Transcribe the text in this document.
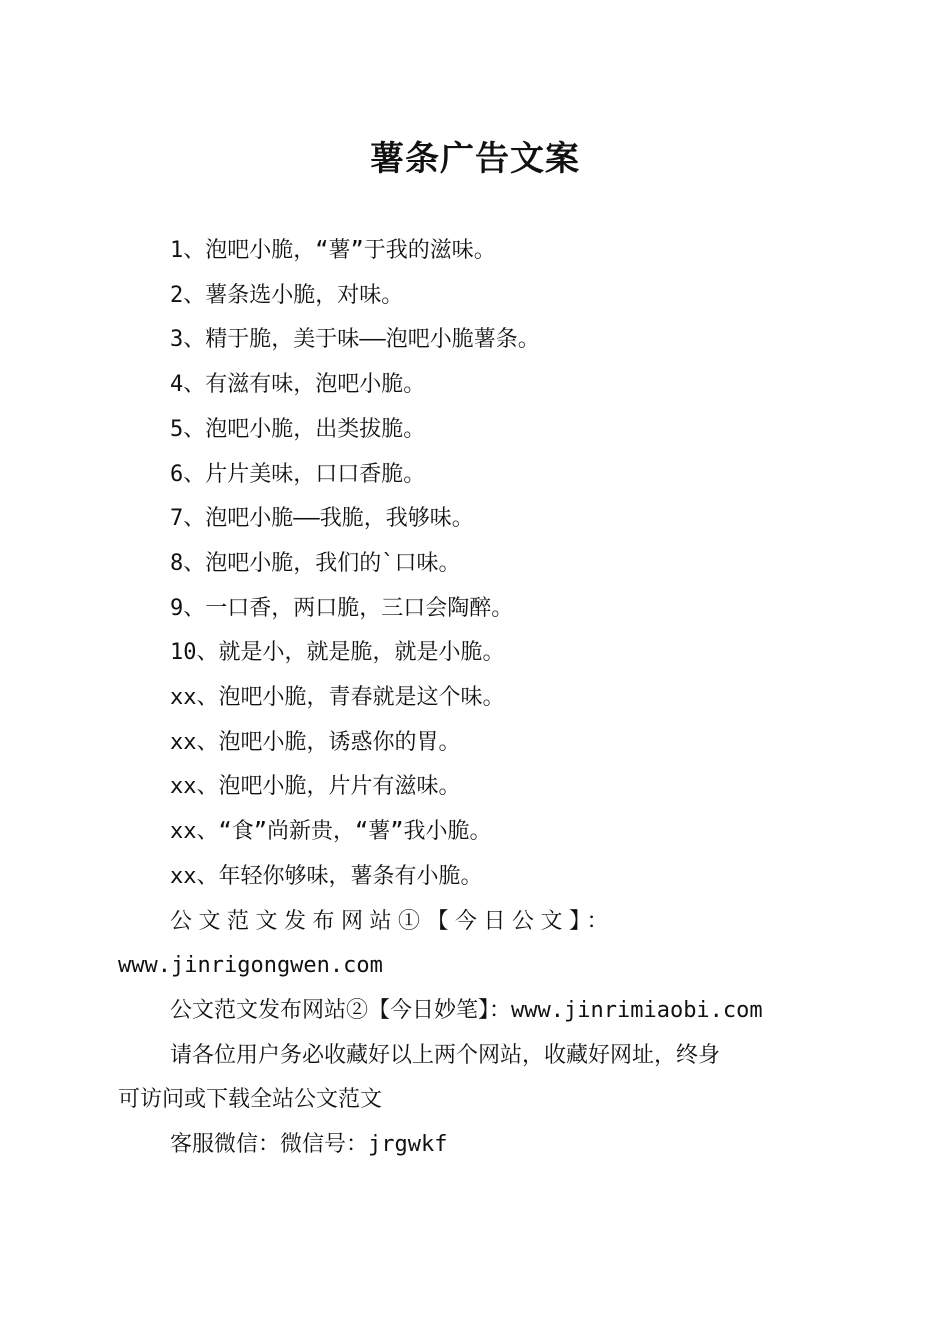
薯条广告文案
1、泡吧小脆，“薯”于我的滋味。
2、薯条选小脆，对味。
3、精于脆，美于味——泡吧小脆薯条。
4、有滋有味，泡吧小脆。
5、泡吧小脆，出类拔脆。
6、片片美味，口口香脆。
7、泡吧小脆——我脆，我够味。
8、泡吧小脆，我们的`口味。
9、一口香，两口脆，三口会陶醉。
10、就是小，就是脆，就是小脆。
xx、泡吧小脆，青春就是这个味。
xx、泡吧小脆，诱惑你的胃。
xx、泡吧小脆，片片有滋味。
xx、“食”尚新贵，“薯”我小脆。
xx、年轻你够味，薯条有小脆。
公文范文发布网站①【今日公文】：
www.jinrigongwen.com
公文范文发布网站②【今日妙笔】：www.jinrimiaobi.com
请各位用户务必收藏好以上两个网站，收藏好网址，终身
可访问或下载全站公文范文
客服微信：微信号：jrgwkf
